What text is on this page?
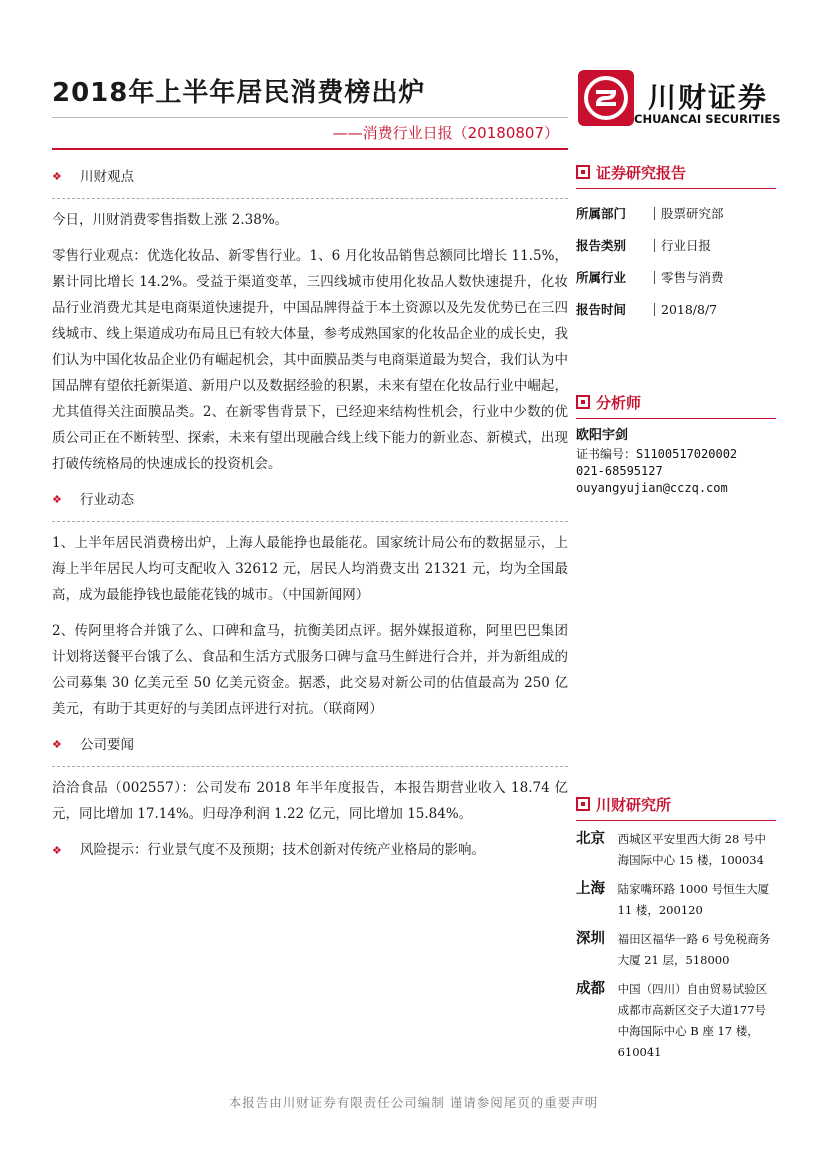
2018年上半年居民消费榜出炉
——消费行业日报（20180807）
川财证券
CHUANCAI SECURITIES
❖	川财观点

今日，川财消费零售指数上涨 2.38%。

零售行业观点：优选化妆品、新零售行业。1、6 月化妆品销售总额同比增长 11.5%，累计同比增长 14.2%。受益于渠道变革，三四线城市使用化妆品人数快速提升，化妆品行业消费尤其是电商渠道快速提升，中国品牌得益于本土资源以及先发优势已在三四线城市、线上渠道成功布局且已有较大体量，参考成熟国家的化妆品企业的成长史，我们认为中国化妆品企业仍有崛起机会，其中面膜品类与电商渠道最为契合，我们认为中国品牌有望依托新渠道、新用户以及数据经验的积累，未来有望在化妆品行业中崛起，尤其值得关注面膜品类。2、在新零售背景下，已经迎来结构性机会，行业中少数的优质公司正在不断转型、探索，未来有望出现融合线上线下能力的新业态、新模式，出现打破传统格局的快速成长的投资机会。

❖	行业动态

1、上半年居民消费榜出炉，上海人最能挣也最能花。国家统计局公布的数据显示，上海上半年居民人均可支配收入 32612 元，居民人均消费支出 21321 元，均为全国最高，成为最能挣钱也最能花钱的城市。（中国新闻网）

2、传阿里将合并饿了么、口碑和盒马，抗衡美团点评。据外媒报道称，阿里巴巴集团计划将送餐平台饿了么、食品和生活方式服务口碑与盒马生鲜进行合并，并为新组成的公司募集 30 亿美元至 50 亿美元资金。据悉，此交易对新公司的估值最高为 250 亿美元，有助于其更好的与美团点评进行对抗。（联商网）

❖	公司要闻

洽洽食品（002557）：公司发布 2018 年半年度报告，本报告期营业收入 18.74 亿元，同比增加 17.14%。归母净利润 1.22 亿元，同比增加 15.84%。

❖	风险提示：行业景气度不及预期；技术创新对传统产业格局的影响。
证券研究报告
所属部门	股票研究部
报告类别	行业日报
所属行业	零售与消费
报告时间	2018/8/7
分析师
欧阳宇剑
证书编号：S1100517020002
021-68595127
ouyangyujian@cczq.com
川财研究所
北京	西城区平安里西大街 28 号中海国际中心 15 楼，100034
上海	陆家嘴环路 1000 号恒生大厦 11 楼，200120
深圳	福田区福华一路 6 号免税商务大厦 21 层，518000
成都	中国（四川）自由贸易试验区成都市高新区交子大道177号中海国际中心 B 座 17 楼，610041
本报告由川财证券有限责任公司编制 谨请参阅尾页的重要声明
